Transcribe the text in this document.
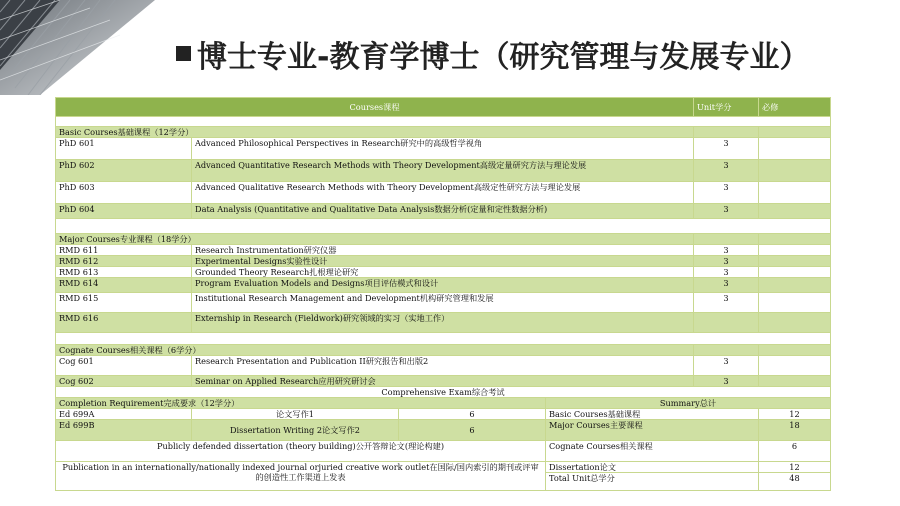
博士专业-教育学博士（研究管理与发展专业）
Courses课程				Unit学分	必修

Basic Courses基础课程（12学分）					
PhD 601	Advanced Philosophical Perspectives in Research研究中的高级哲学视角			3	
PhD 602	Advanced Quantitative Research Methods with Theory Development高级定量研究方法与理论发展			3	
PhD 603	Advanced Qualitative Research Methods with Theory Development高级定性研究方法与理论发展			3	
PhD 604	Data Analysis (Quantitative and Qualitative Data Analysis数据分析(定量和定性数据分析)			3	

Major Courses专业课程（18学分）					
RMD 611	Research Instrumentation研究仪器			3	
RMD 612	Experimental Designs实验性设计			3	
RMD 613	Grounded Theory Research扎根理论研究			3	
RMD 614	Program Evaluation Models and Designs项目评估模式和设计			3	
RMD 615	Institutional Research Management and Development机构研究管理和发展			3	
RMD 616	Externship in Research (Fieldwork)研究领域的实习（实地工作）				

Cognate Courses相关课程（6学分）					
Cog 601	Research Presentation and Publication II研究报告和出版2			3	
Cog 602	Seminar on Applied Research应用研究研讨会			3	
Comprehensive Exam综合考试					
Completion Requirement完成要求（12学分）			Summary总计		
Ed 699A	论文写作1	6	Basic Courses基础课程		12
Ed 699B	Dissertation Writing 2论文写作2	6	Major Courses主要课程		18
Publicly defended dissertation (theory building)公开答辩论文(理论构建)			Cognate Courses相关课程		6
Publication in an internationally/nationally indexed journal orjuried creative work outlet在国际/国内索引的期刊或评审的创造性工作渠道上发表			Dissertation论文		12
			Total Unit总学分		48
